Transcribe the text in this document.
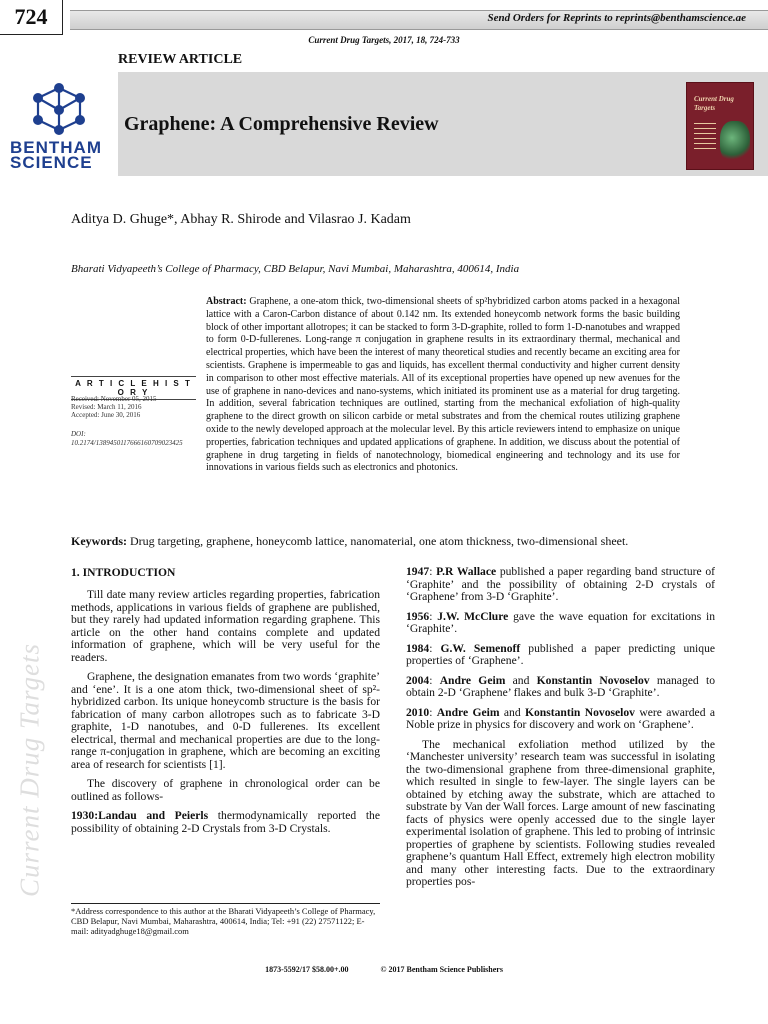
724	Send Orders for Reprints to reprints@benthamscience.ae
Current Drug Targets, 2017, 18, 724-733
REVIEW ARTICLE
Graphene: A Comprehensive Review
Current Drug Targets
BENTHAM
SCIENCE
Aditya D. Ghuge*, Abhay R. Shirode and Vilasrao J. Kadam
Bharati Vidyapeeth’s College of Pharmacy, CBD Belapur, Navi Mumbai, Maharashtra, 400614, India
A R T I C L E H I S T O R Y
Received: November 05, 2015
Revised: March 11, 2016
Accepted: June 30, 2016
DOI:
10.2174/1389450117666160709023425
Abstract: Graphene, a one-atom thick, two-dimensional sheets of sp²hybridized carbon atoms packed in a hexagonal lattice with a Caron-Carbon distance of about 0.142 nm. Its extended honeycomb network forms the basic building block of other important allotropes; it can be stacked to form 3-D-graphite, rolled to form 1-D-nanotubes and wrapped to form 0-D-fullerenes. Long-range π conjugation in graphene results in its extraordinary thermal, mechanical and electrical properties, which have been the interest of many theoretical studies and recently became an exciting area for scientists. Graphene is impermeable to gas and liquids, has excellent thermal conductivity and higher current density in comparison to other most effective materials. All of its exceptional properties have opened up new avenues for the use of graphene in nano-devices and nano-systems, which initiated its prominent use as a material for drug targeting. In addition, several fabrication techniques are outlined, starting from the mechanical exfoliation of high-quality graphene to the direct growth on silicon carbide or metal substrates and from the chemical routes utilizing graphene oxide to the newly developed approach at the molecular level. By this article reviewers intend to emphasize on unique properties, fabrication techniques and updated applications of graphene. In addition, we discuss about the potential of graphene in drug targeting in fields of nanotechnology, biomedical engineering and technology and its use for innovations in various fields such as electronics and photonics.
Keywords: Drug targeting, graphene, honeycomb lattice, nanomaterial, one atom thickness, two-dimensional sheet.
Current Drug Targets
1. INTRODUCTION

Till date many review articles regarding properties, fabrication methods, applications in various fields of graphene are published, but they rarely had updated information regarding graphene. This article on the other hand contains complete and updated information of graphene, which will be very useful for the readers.

Graphene, the designation emanates from two words ‘graphite’ and ‘ene’. It is a one atom thick, two-dimensional sheet of sp²-hybridized carbon. Its unique honeycomb structure is the basis for fabrication of many carbon allotropes such as to fabricate 3-D graphite, 1-D nanotubes, and 0-D fullerenes. Its excellent electrical, thermal and mechanical properties are due to the long-range π-conjugation in graphene, which are becoming an exciting area of research for scientists [1].

The discovery of graphene in chronological order can be outlined as follows-

1930:Landau and Peierls thermodynamically reported the possibility of obtaining 2-D Crystals from 3-D Crystals.

1947: P.R Wallace published a paper regarding band structure of ‘Graphite’ and the possibility of obtaining 2-D crystals of ‘Graphene’ from 3-D ‘Graphite’.

1956: J.W. McClure gave the wave equation for excitations in ‘Graphite’.

1984: G.W. Semenoff published a paper predicting unique properties of ‘Graphene’.

2004: Andre Geim and Konstantin Novoselov managed to obtain 2-D ‘Graphene’ flakes and bulk 3-D ‘Graphite’.

2010: Andre Geim and Konstantin Novoselov were awarded a Noble prize in physics for discovery and work on ‘Graphene’.

The mechanical exfoliation method utilized by the ‘Manchester university’ research team was successful in isolating the two-dimensional graphene from three-dimensional graphite, which resulted in single to few-layer. The single layers can be obtained by etching away the substrate, which are attached to substrate by Van der Wall forces. Large amount of new fascinating facts of physics were openly accessed due to the single layer experimental isolation of graphene. This led to probing of intrinsic properties of graphene by scientists. Following studies revealed graphene’s quantum Hall Effect, extremely high electron mobility and many other interesting facts. Due to the extraordinary properties pos-

*Address correspondence to this author at the Bharati Vidyapeeth’s College of Pharmacy, CBD Belapur, Navi Mumbai, Maharashtra, 400614, India; Tel: +91 (22) 27571122; E-mail: adityadghuge18@gmail.com
1873-5592/17 $58.00+.00	© 2017 Bentham Science Publishers
